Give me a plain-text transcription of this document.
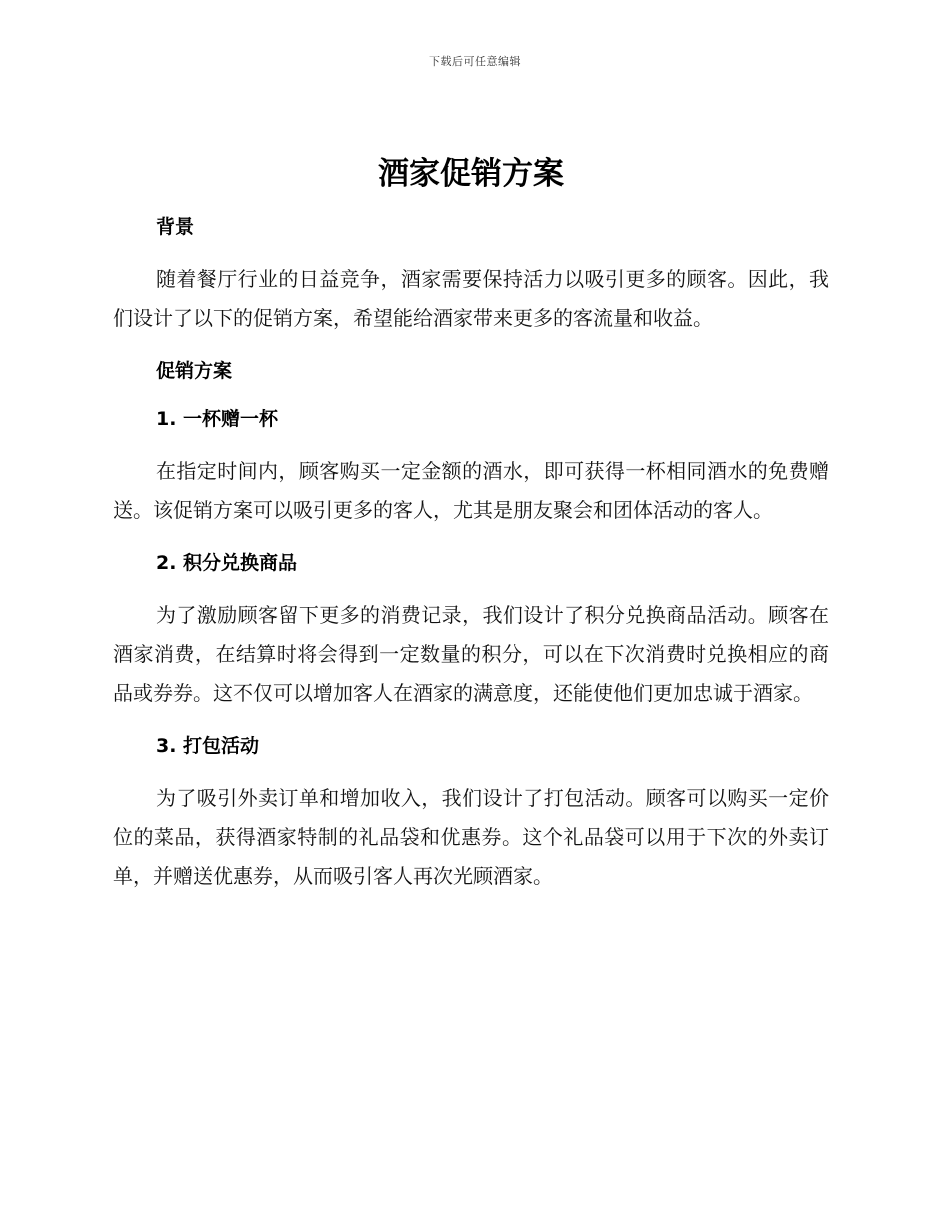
下载后可任意编辑
酒家促销方案
背景

随着餐厅行业的日益竞争，酒家需要保持活力以吸引更多的顾客。因此，我们设计了以下的促销方案，希望能给酒家带来更多的客流量和收益。

促销方案
1. 一杯赠一杯

在指定时间内，顾客购买一定金额的酒水，即可获得一杯相同酒水的免费赠送。该促销方案可以吸引更多的客人，尤其是朋友聚会和团体活动的客人。

2. 积分兑换商品

为了激励顾客留下更多的消费记录，我们设计了积分兑换商品活动。顾客在酒家消费，在结算时将会得到一定数量的积分，可以在下次消费时兑换相应的商品或券券。这不仅可以增加客人在酒家的满意度，还能使他们更加忠诚于酒家。

3. 打包活动

为了吸引外卖订单和增加收入，我们设计了打包活动。顾客可以购买一定价位的菜品，获得酒家特制的礼品袋和优惠券。这个礼品袋可以用于下次的外卖订单，并赠送优惠券，从而吸引客人再次光顾酒家。
